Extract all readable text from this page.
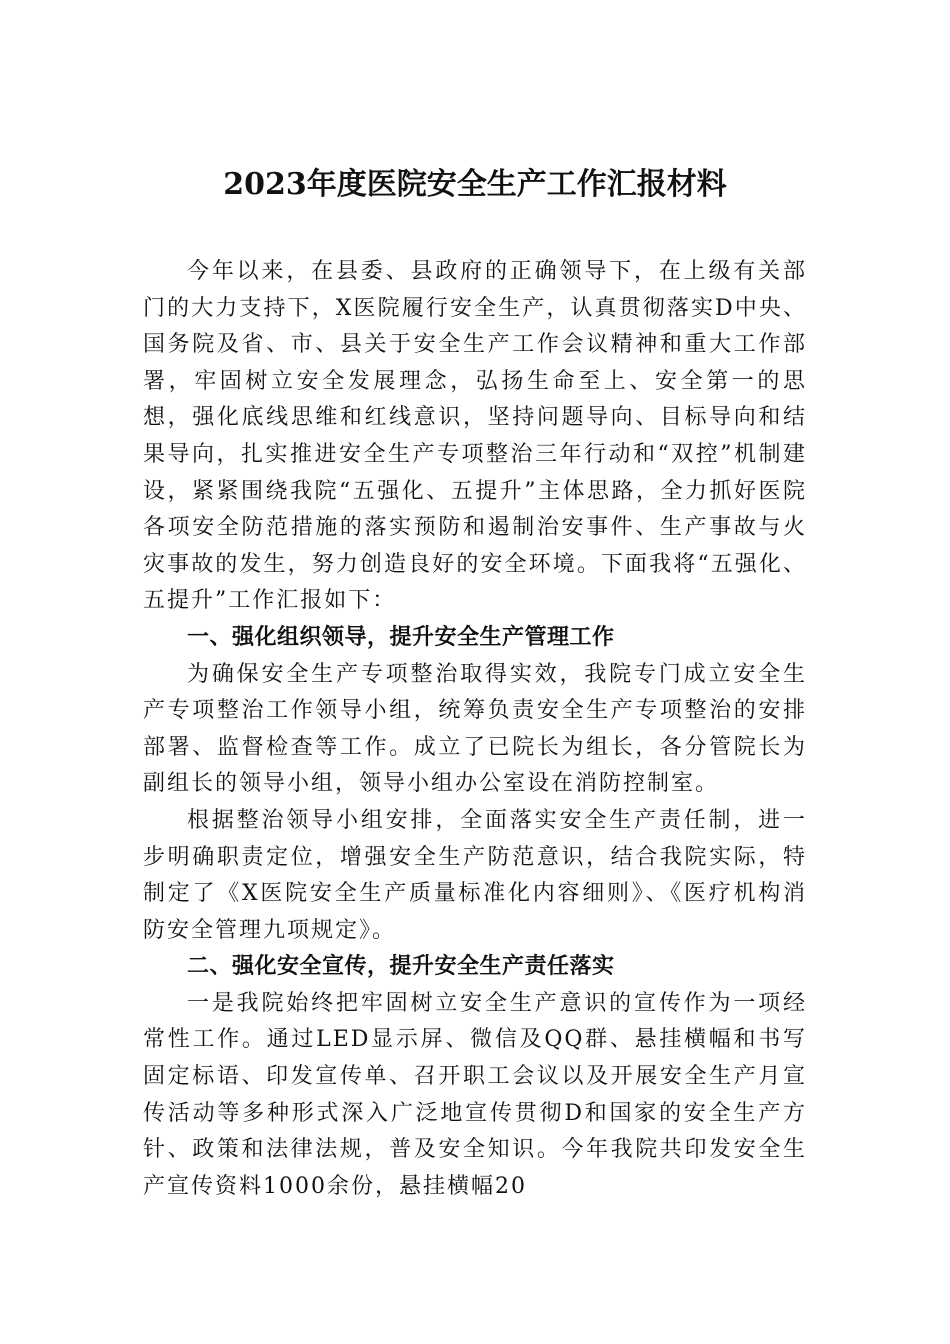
2023年度医院安全生产工作汇报材料

今年以来，在县委、县政府的正确领导下，在上级有关部门的大力支持下，X医院履行安全生产，认真贯彻落实D中央、国务院及省、市、县关于安全生产工作会议精神和重大工作部署，牢固树立安全发展理念，弘扬生命至上、安全第一的思想，强化底线思维和红线意识，坚持问题导向、目标导向和结果导向，扎实推进安全生产专项整治三年行动和“双控”机制建设，紧紧围绕我院“五强化、五提升”主体思路，全力抓好医院各项安全防范措施的落实预防和遏制治安事件、生产事故与火灾事故的发生，努力创造良好的安全环境。下面我将“五强化、五提升”工作汇报如下：

一、强化组织领导，提升安全生产管理工作

为确保安全生产专项整治取得实效，我院专门成立安全生产专项整治工作领导小组，统筹负责安全生产专项整治的安排部署、监督检查等工作。成立了已院长为组长，各分管院长为副组长的领导小组，领导小组办公室设在消防控制室。

根据整治领导小组安排，全面落实安全生产责任制，进一步明确职责定位，增强安全生产防范意识，结合我院实际，特制定了《X医院安全生产质量标准化内容细则》、《医疗机构消防安全管理九项规定》。

二、强化安全宣传，提升安全生产责任落实

一是我院始终把牢固树立安全生产意识的宣传作为一项经常性工作。通过LED显示屏、微信及QQ群、悬挂横幅和书写固定标语、印发宣传单、召开职工会议以及开展安全生产月宣传活动等多种形式深入广泛地宣传贯彻D和国家的安全生产方针、政策和法律法规，普及安全知识。今年我院共印发安全生产宣传资料1000余份，悬挂横幅20
